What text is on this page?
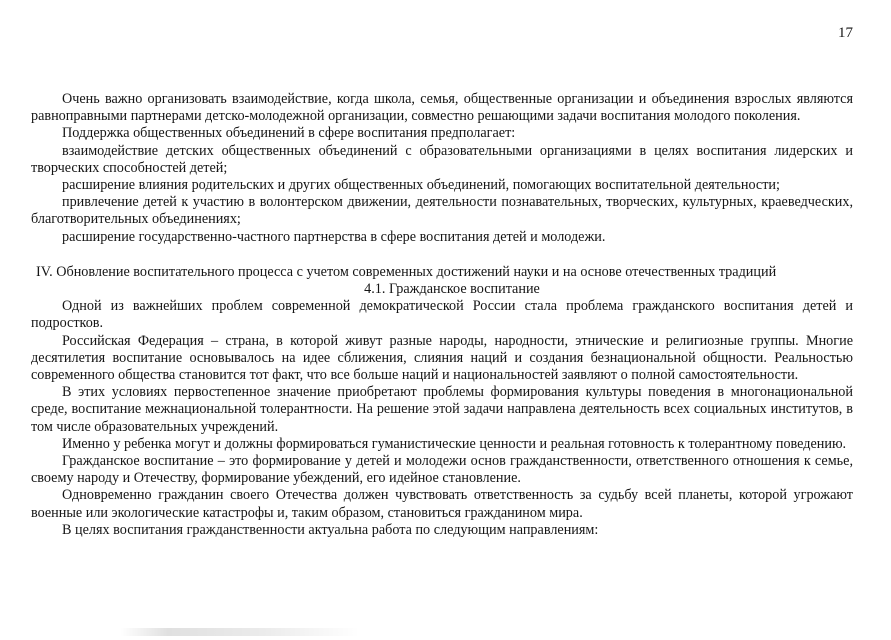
17

Очень важно организовать взаимодействие, когда школа, семья, общественные организации и объединения взрослых являются равноправными партнерами детско-молодежной организации, совместно решающими задачи воспитания молодого поколения.

Поддержка общественных объединений в сфере воспитания предполагает:

взаимодействие детских общественных объединений с образовательными организациями в целях воспитания лидерских и творческих способностей детей;

расширение влияния родительских и других общественных объединений, помогающих воспитательной деятельности;

привлечение детей к участию в волонтерском движении, деятельности познавательных, творческих, культурных, краеведческих, благотворительных объединениях;

расширение государственно-частного партнерства в сфере воспитания детей и молодежи.

IV. Обновление воспитательного процесса с учетом современных достижений науки и на основе отечественных традиций

4.1. Гражданское воспитание

Одной из важнейших проблем современной демократической России стала проблема гражданского воспитания детей и подростков.

Российская Федерация – страна, в которой живут разные народы, народности, этнические и религиозные группы. Многие десятилетия воспитание основывалось на идее сближения, слияния наций и создания безнациональной общности. Реальностью современного общества становится тот факт, что все больше наций и национальностей заявляют о полной самостоятельности.

В этих условиях первостепенное значение приобретают проблемы формирования культуры поведения в многонациональной среде, воспитание межнациональной толерантности. На решение этой задачи направлена деятельность всех социальных институтов, в том числе образовательных учреждений.

Именно у ребенка могут и должны формироваться гуманистические ценности и реальная готовность к толерантному поведению.

Гражданское воспитание – это формирование у детей и молодежи основ гражданственности, ответственного отношения к семье, своему народу и Отечеству, формирование убеждений, его идейное становление.

Одновременно гражданин своего Отечества должен чувствовать ответственность за судьбу всей планеты, которой угрожают военные или экологические катастрофы и, таким образом, становиться гражданином мира.

В целях воспитания гражданственности актуальна работа по следующим направлениям:
